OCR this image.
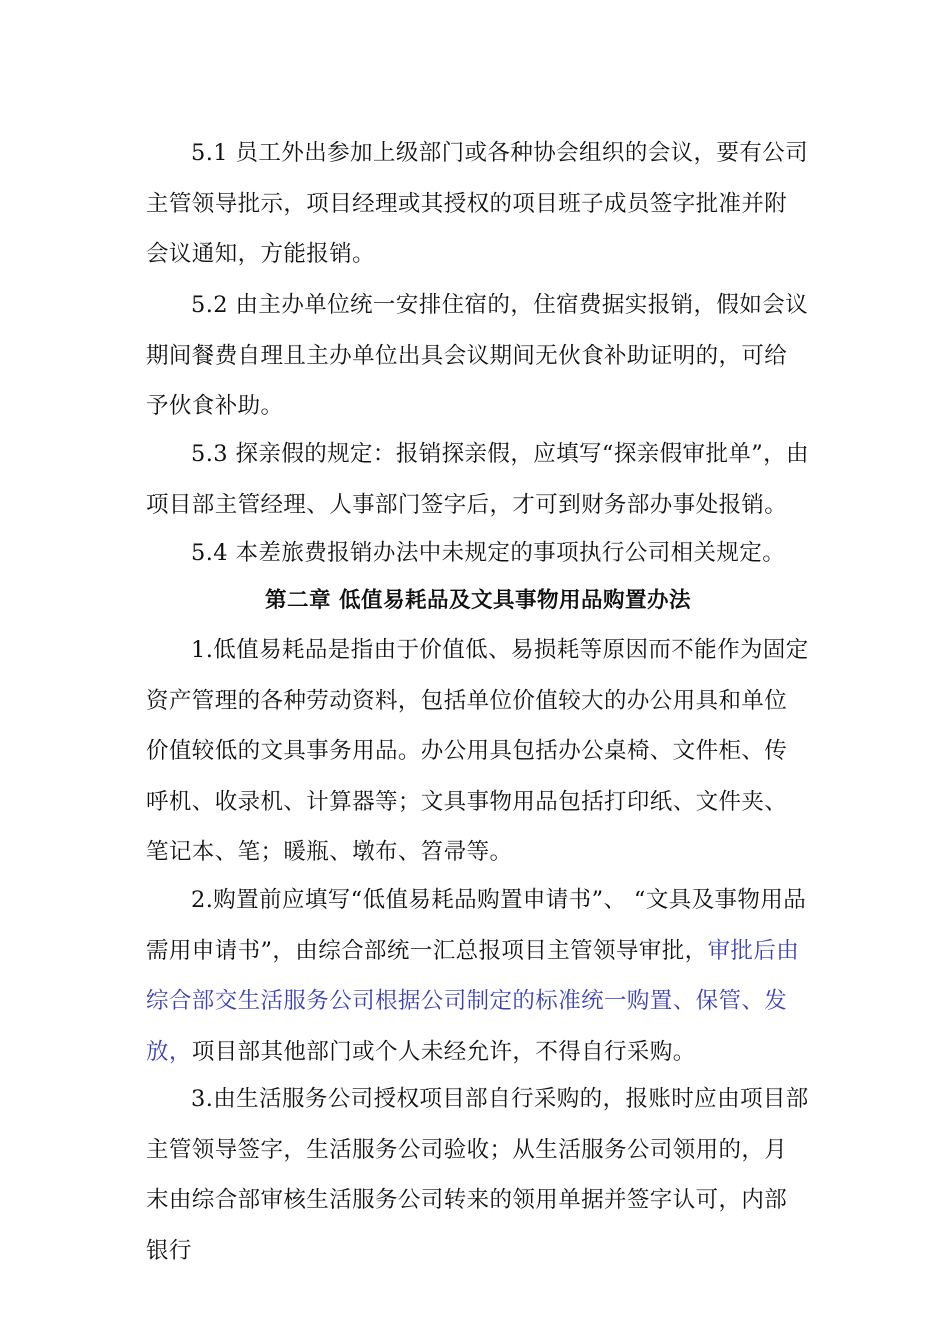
5.1 员工外出参加上级部门或各种协会组织的会议，要有公司主管领导批示，项目经理或其授权的项目班子成员签字批准并附会议通知，方能报销。

5.2 由主办单位统一安排住宿的，住宿费据实报销，假如会议期间餐费自理且主办单位出具会议期间无伙食补助证明的，可给予伙食补助。

5.3 探亲假的规定：报销探亲假，应填写“探亲假审批单”，由项目部主管经理、人事部门签字后，才可到财务部办事处报销。

5.4 本差旅费报销办法中未规定的事项执行公司相关规定。

第二章 低值易耗品及文具事物用品购置办法

1.低值易耗品是指由于价值低、易损耗等原因而不能作为固定资产管理的各种劳动资料，包括单位价值较大的办公用具和单位价值较低的文具事务用品。办公用具包括办公桌椅、文件柜、传呼机、收录机、计算器等；文具事物用品包括打印纸、文件夹、笔记本、笔；暖瓶、墩布、笤帚等。

2.购置前应填写“低值易耗品购置申请书”、 “文具及事物用品需用申请书”，由综合部统一汇总报项目主管领导审批，审批后由综合部交生活服务公司根据公司制定的标准统一购置、保管、发放，项目部其他部门或个人未经允许，不得自行采购。

3.由生活服务公司授权项目部自行采购的，报账时应由项目部主管领导签字，生活服务公司验收；从生活服务公司领用的，月末由综合部审核生活服务公司转来的领用单据并签字认可，内部银行
